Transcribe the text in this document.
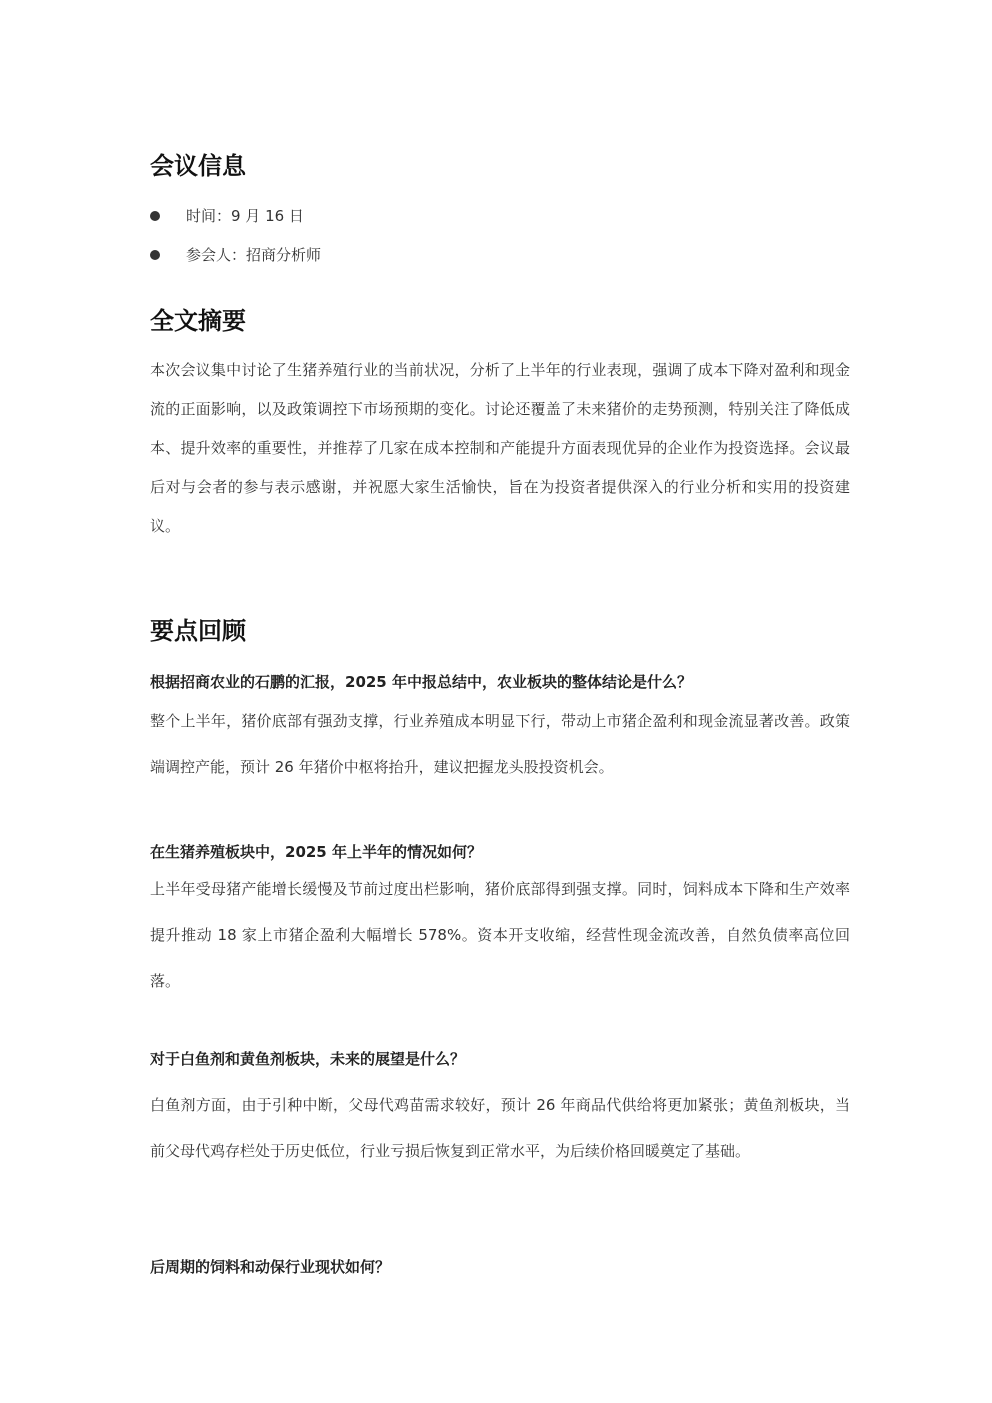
会议信息
时间：9 月 16 日
参会人：招商分析师
全文摘要

本次会议集中讨论了生猪养殖行业的当前状况，分析了上半年的行业表现，强调了成本下降对盈利和现金流的正面影响，以及政策调控下市场预期的变化。讨论还覆盖了未来猪价的走势预测，特别关注了降低成本、提升效率的重要性，并推荐了几家在成本控制和产能提升方面表现优异的企业作为投资选择。会议最后对与会者的参与表示感谢，并祝愿大家生活愉快，旨在为投资者提供深入的行业分析和实用的投资建议。

要点回顾

根据招商农业的石鹏的汇报，2025 年中报总结中，农业板块的整体结论是什么？

整个上半年，猪价底部有强劲支撑，行业养殖成本明显下行，带动上市猪企盈利和现金流显著改善。政策端调控产能，预计 26 年猪价中枢将抬升，建议把握龙头股投资机会。

在生猪养殖板块中，2025 年上半年的情况如何？

上半年受母猪产能增长缓慢及节前过度出栏影响，猪价底部得到强支撑。同时，饲料成本下降和生产效率提升推动 18 家上市猪企盈利大幅增长 578%。资本开支收缩，经营性现金流改善，自然负债率高位回落。

对于白鱼剂和黄鱼剂板块，未来的展望是什么？

白鱼剂方面，由于引种中断，父母代鸡苗需求较好，预计 26 年商品代供给将更加紧张；黄鱼剂板块，当前父母代鸡存栏处于历史低位，行业亏损后恢复到正常水平，为后续价格回暖奠定了基础。

后周期的饲料和动保行业现状如何？
